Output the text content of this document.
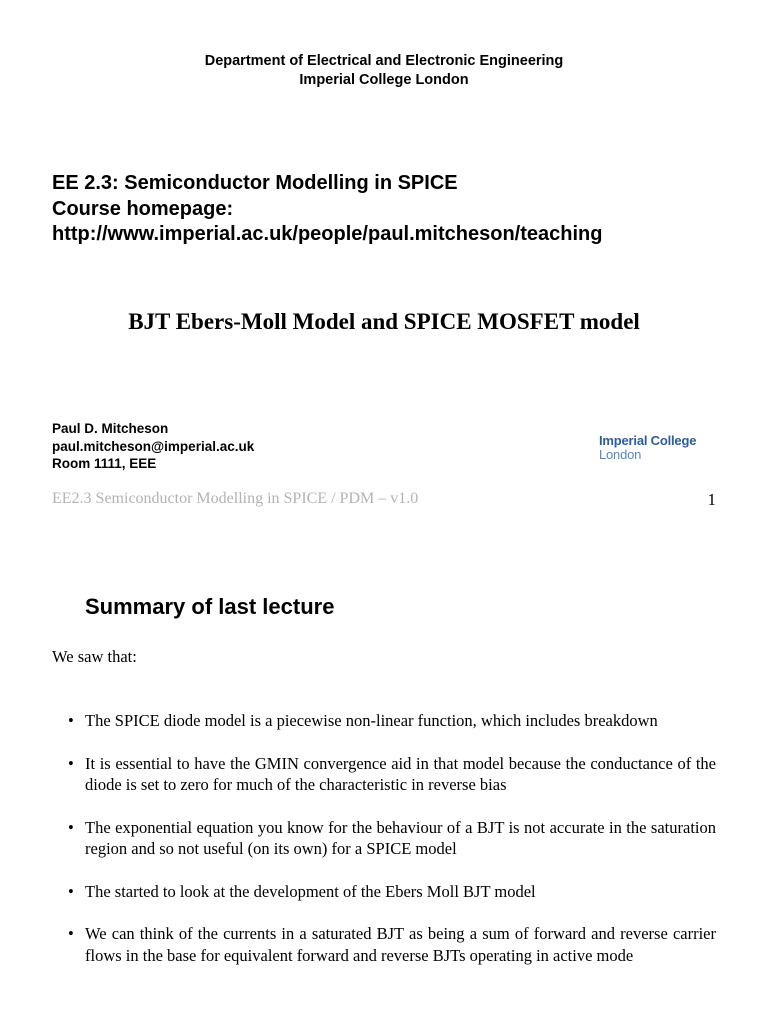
Department of Electrical and Electronic Engineering
Imperial College London
EE 2.3: Semiconductor Modelling in SPICE
Course homepage:
http://www.imperial.ac.uk/people/paul.mitcheson/teaching
BJT Ebers-Moll Model and SPICE MOSFET model
Paul D. Mitcheson
paul.mitcheson@imperial.ac.uk
Room 1111, EEE
Imperial College
London
EE2.3 Semiconductor Modelling in SPICE / PDM – v1.0	1
Summary of last lecture
We saw that:
• The SPICE diode model is a piecewise non-linear function, which includes breakdown
• It is essential to have the GMIN convergence aid in that model because the conductance of the diode is set to zero for much of the characteristic in reverse bias
• The exponential equation you know for the behaviour of a BJT is not accurate in the saturation region and so not useful (on its own) for a SPICE model
• The started to look at the development of the Ebers Moll BJT model
• We can think of the currents in a saturated BJT as being a sum of forward and reverse carrier flows in the base for equivalent forward and reverse BJTs operating in active mode
